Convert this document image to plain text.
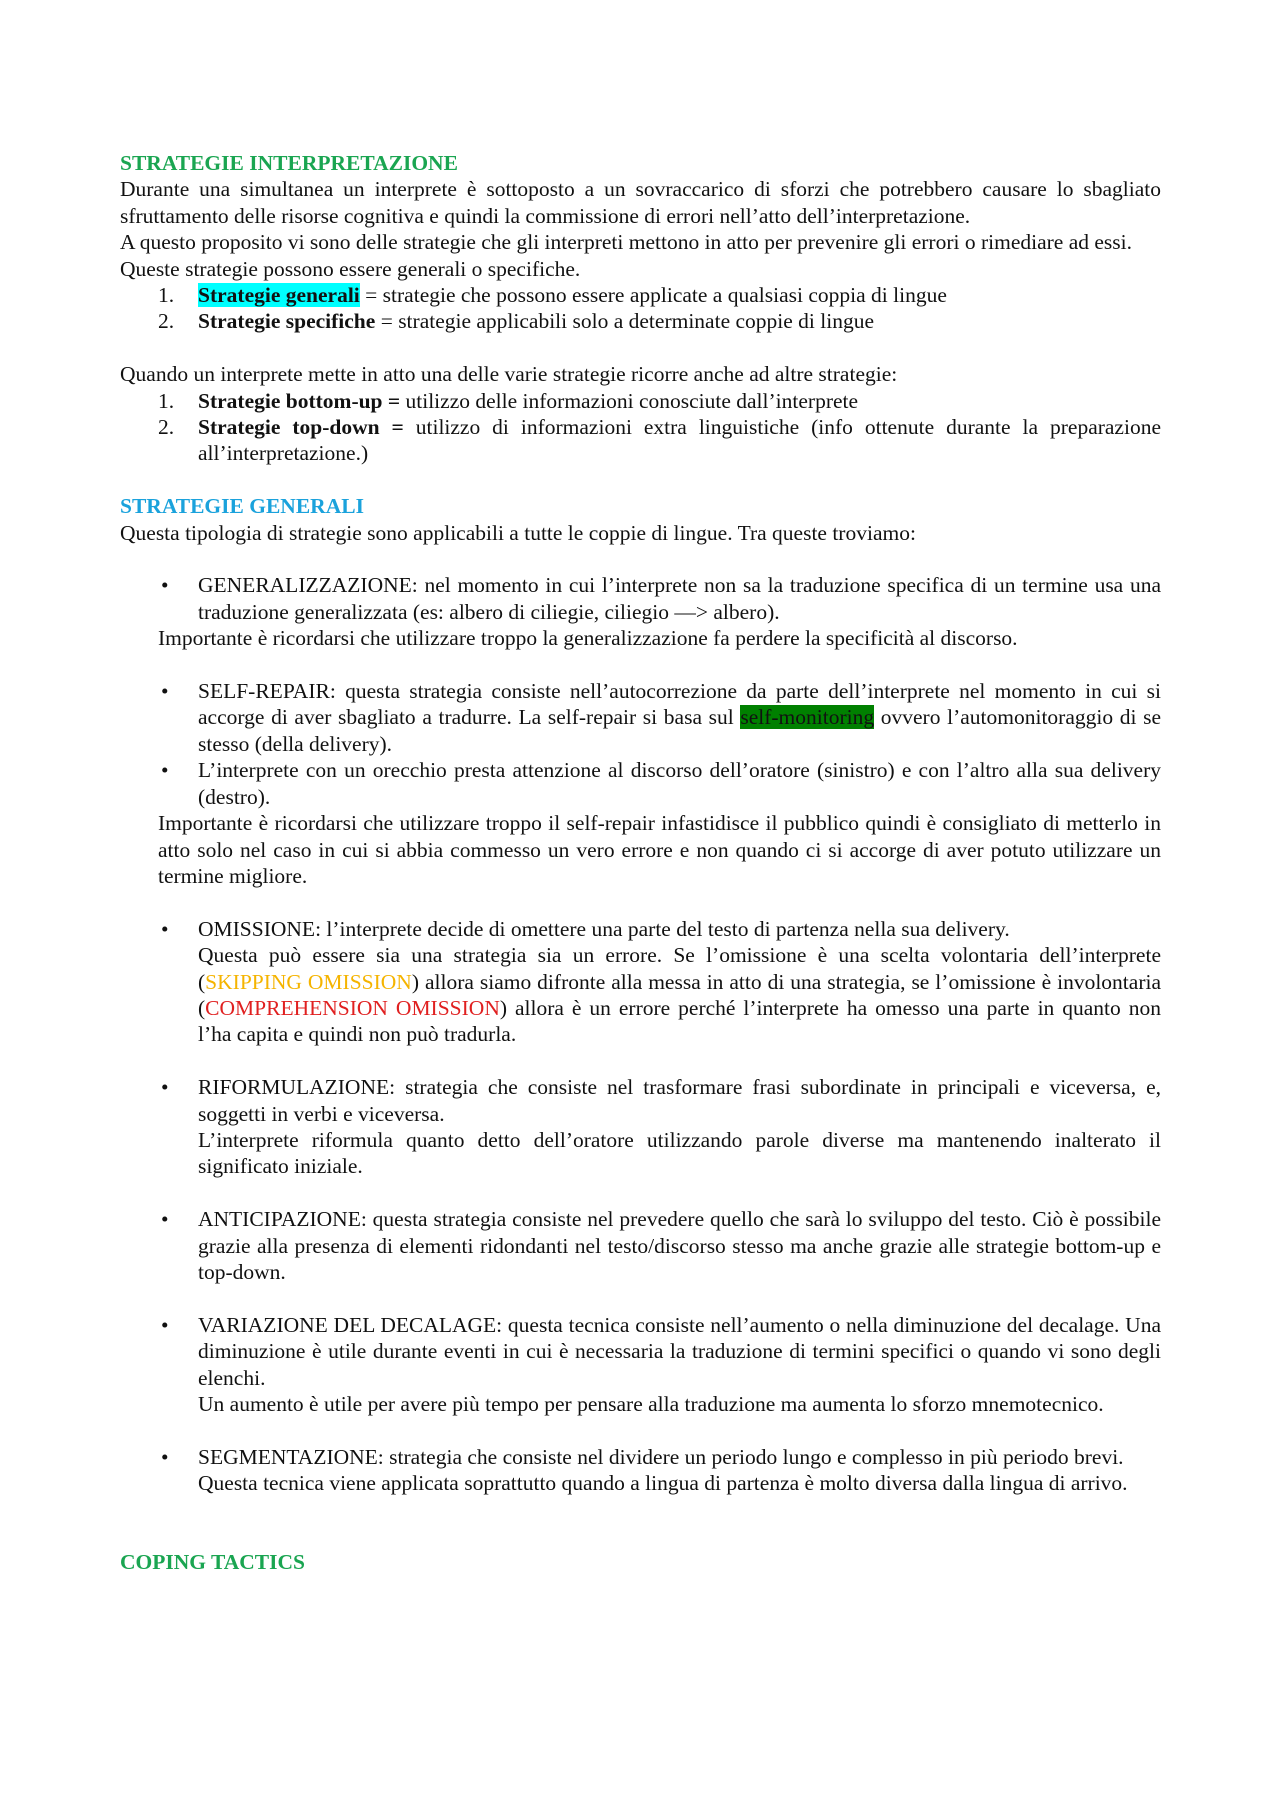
STRATEGIE INTERPRETAZIONE

Durante una simultanea un interprete è sottoposto a un sovraccarico di sforzi che potrebbero causare lo sbagliato sfruttamento delle risorse cognitiva e quindi la commissione di errori nell’atto dell’interpretazione.

A questo proposito vi sono delle strategie che gli interpreti mettono in atto per prevenire gli errori o rimediare ad essi.

Queste strategie possono essere generali o specifiche.

1. Strategie generali = strategie che possono essere applicate a qualsiasi coppia di lingue
2. Strategie specifiche = strategie applicabili solo a determinate coppie di lingue

Quando un interprete mette in atto una delle varie strategie ricorre anche ad altre strategie:

1. Strategie bottom-up = utilizzo delle informazioni conosciute dall’interprete
2. Strategie top-down = utilizzo di informazioni extra linguistiche (info ottenute durante la preparazione all’interpretazione.)

STRATEGIE GENERALI

Questa tipologia di strategie sono applicabili a tutte le coppie di lingue. Tra queste troviamo:

• GENERALIZZAZIONE: nel momento in cui l’interprete non sa la traduzione specifica di un termine usa una traduzione generalizzata (es: albero di ciliegie, ciliegio —> albero).

Importante è ricordarsi che utilizzare troppo la generalizzazione fa perdere la specificità al discorso.

• SELF-REPAIR: questa strategia consiste nell’autocorrezione da parte dell’interprete nel momento in cui si accorge di aver sbagliato a tradurre. La self-repair si basa sul self-monitoring ovvero l’automonitoraggio di se stesso (della delivery).
• L’interprete con un orecchio presta attenzione al discorso dell’oratore (sinistro) e con l’altro alla sua delivery (destro).

Importante è ricordarsi che utilizzare troppo il self-repair infastidisce il pubblico quindi è consigliato di metterlo in atto solo nel caso in cui si abbia commesso un vero errore e non quando ci si accorge di aver potuto utilizzare un termine migliore.

• OMISSIONE: l’interprete decide di omettere una parte del testo di partenza nella sua delivery.

Questa può essere sia una strategia sia un errore. Se l’omissione è una scelta volontaria dell’interprete (SKIPPING OMISSION) allora siamo difronte alla messa in atto di una strategia, se l’omissione è involontaria (COMPREHENSION OMISSION) allora è un errore perché l’interprete ha omesso una parte in quanto non l’ha capita e quindi non può tradurla.

• RIFORMULAZIONE: strategia che consiste nel trasformare frasi subordinate in principali e viceversa, e, soggetti in verbi e viceversa.

L’interprete riformula quanto detto dell’oratore utilizzando parole diverse ma mantenendo inalterato il significato iniziale.

• ANTICIPAZIONE: questa strategia consiste nel prevedere quello che sarà lo sviluppo del testo. Ciò è possibile grazie alla presenza di elementi ridondanti nel testo/discorso stesso ma anche grazie alle strategie bottom-up e top-down.
• VARIAZIONE DEL DECALAGE: questa tecnica consiste nell’aumento o nella diminuzione del decalage. Una diminuzione è utile durante eventi in cui è necessaria la traduzione di termini specifici o quando vi sono degli elenchi.

Un aumento è utile per avere più tempo per pensare alla traduzione ma aumenta lo sforzo mnemotecnico.

• SEGMENTAZIONE: strategia che consiste nel dividere un periodo lungo e complesso in più periodo brevi.

Questa tecnica viene applicata soprattutto quando a lingua di partenza è molto diversa dalla lingua di arrivo.

COPING TACTICS
